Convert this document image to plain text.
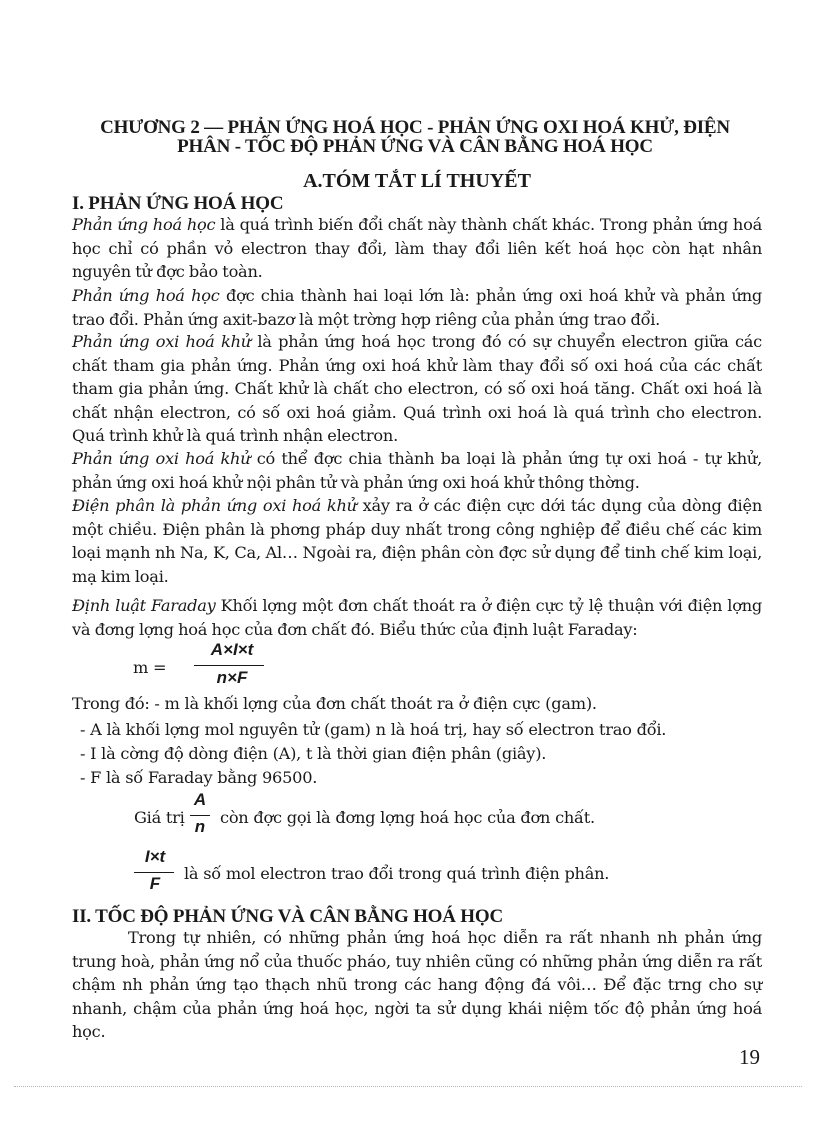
CHƯƠNG 2 — PHẢN ỨNG HOÁ HỌC - PHẢN ỨNG OXI HOÁ KHỬ, ĐIỆN
PHÂN - TỐC ĐỘ PHẢN ỨNG VÀ CÂN BẰNG HOÁ HỌC
A.TÓM TẮT LÍ THUYẾT
I. PHẢN ỨNG HOÁ HỌC
Phản ứng hoá học là quá trình biến đổi chất này thành chất khác. Trong phản ứng hoá học chỉ có phần vỏ electron thay đổi, làm thay đổi liên kết hoá học còn hạt nhân nguyên tử đợc bảo toàn.
Phản ứng hoá học đợc chia thành hai loại lớn là: phản ứng oxi hoá khử và phản ứng trao đổi. Phản ứng axit-bazơ là một trờng hợp riêng của phản ứng trao đổi.
Phản ứng oxi hoá khử là phản ứng hoá học trong đó có sự chuyển electron giữa các chất tham gia phản ứng. Phản ứng oxi hoá khử làm thay đổi số oxi hoá của các chất tham gia phản ứng. Chất khử là chất cho electron, có số oxi hoá tăng. Chất oxi hoá là chất nhận electron, có số oxi hoá giảm. Quá trình oxi hoá là quá trình cho electron. Quá trình khử là quá trình nhận electron.
Phản ứng oxi hoá khử có thể đợc chia thành ba loại là phản ứng tự oxi hoá - tự khử, phản ứng oxi hoá khử nội phân tử và phản ứng oxi hoá khử thông thờng.
Điện phân là phản ứng oxi hoá khử xảy ra ở các điện cực dới tác dụng của dòng điện một chiều. Điện phân là phơng pháp duy nhất trong công nghiệp để điều chế các kim loại mạnh nh Na, K, Ca, Al… Ngoài ra, điện phân còn đợc sử dụng để tinh chế kim loại, mạ kim loại.
Định luật Faraday Khối lợng một đơn chất thoát ra ở điện cực tỷ lệ thuận với điện lợng và đơng lợng hoá học của đơn chất đó. Biểu thức của định luật Faraday:
m =
A×I×t
n×F
Trong đó: - m là khối lợng của đơn chất thoát ra ở điện cực (gam).
- A là khối lợng mol nguyên tử (gam) n là hoá trị, hay số electron trao đổi.
- I là cờng độ dòng điện (A), t là thời gian điện phân (giây).
- F là số Faraday bằng 96500.
Giá trị
A
n còn đợc gọi là đơng lợng hoá học của đơn chất.
I×t
F
là số mol electron trao đổi trong quá trình điện phân.
II. TỐC ĐỘ PHẢN ỨNG VÀ CÂN BẰNG HOÁ HỌC
Trong tự nhiên, có những phản ứng hoá học diễn ra rất nhanh nh phản ứng trung hoà, phản ứng nổ của thuốc pháo, tuy nhiên cũng có những phản ứng diễn ra rất chậm nh phản ứng tạo thạch nhũ trong các hang động đá vôi… Để đặc trng cho sự nhanh, chậm của phản ứng hoá học, ngời ta sử dụng khái niệm tốc độ phản ứng hoá học.
19
